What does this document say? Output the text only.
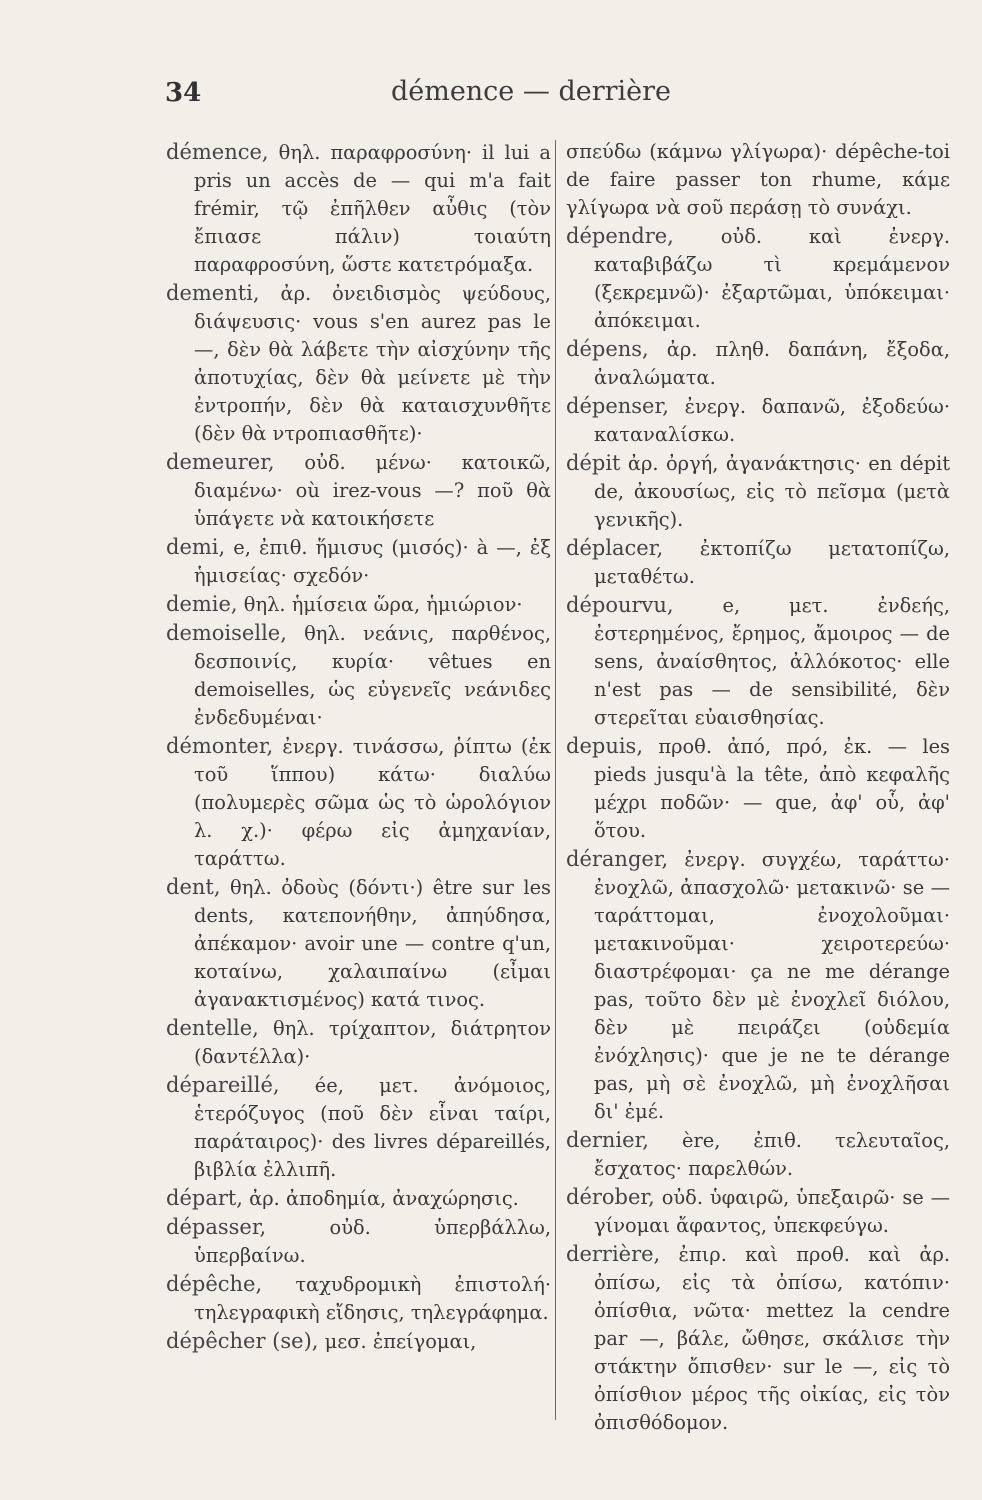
34	démence — derrière

démence, θηλ. παραφροσύνη· il lui a pris un accès de — qui m'a fait frémir, τῷ ἐπῆλθεν αὖθις (τὸν ἔπιασε πάλιν) τοιαύτη παραφροσύνη, ὥστε κατετρόμαξα.

dementi, ἀρ. ὀνειδισμὸς ψεύδους, διάψευσις· vous s'en aurez pas le —, δὲν θὰ λάβετε τὴν αἰσχύνην τῆς ἀποτυχίας, δὲν θὰ μείνετε μὲ τὴν ἐντροπήν, δὲν θὰ καταισχυνθῆτε (δὲν θὰ ντροπιασθῆτε)·

demeurer, οὐδ. μένω· κατοικῶ, διαμένω· où irez-vous —? ποῦ θὰ ὑπάγετε νὰ κατοικήσετε

demi, e, ἐπιθ. ἥμισυς (μισός)· à —, ἐξ ἡμισείας· σχεδόν·

demie, θηλ. ἡμίσεια ὥρα, ἡμιώριον·

demoiselle, θηλ. νεάνις, παρθένος, δεσποινίς, κυρία· vêtues en demoiselles, ὡς εὐγενεῖς νεάνιδες ἐνδεδυμέναι·

démonter, ἐνεργ. τινάσσω, ῥίπτω (ἐκ τοῦ ἵππου) κάτω· διαλύω (πολυμερὲς σῶμα ὡς τὸ ὡρολόγιον λ. χ.)· φέρω εἰς ἀμηχανίαν, ταράττω.

dent, θηλ. ὀδοὺς (δόντι·) être sur les dents, κατεπονήθην, ἀπηύδησα, ἀπέκαμον· avoir une — contre q'un, κοταίνω, χαλαιπαίνω (εἶμαι ἀγανακτισμένος) κατά τινος.

dentelle, θηλ. τρίχαπτον, διάτρητον (δαντέλλα)·

dépareillé, ée, μετ. ἀνόμοιος, ἑτερόζυγος (ποῦ δὲν εἶναι ταίρι, παράταιρος)· des livres dépareillés, βιβλία ἐλλιπῆ.

départ, ἀρ. ἀποδημία, ἀναχώρησις.

dépasser,	οὐδ. ὑπερβάλλω, ὑπερβαίνω.

dépêche, ταχυδρομικὴ ἐπιστολή· τηλεγραφικὴ εἴδησις, τηλεγράφημα.

dépêcher (se), μεσ. ἐπείγομαι,

σπεύδω (κάμνω γλίγωρα)· dépêche-toi de faire passer ton rhume, κάμε γλίγωρα νὰ σοῦ περάσῃ τὸ συνάχι.

dépendre, οὐδ. καὶ ἐνεργ. καταβιβάζω τὶ κρεμάμενον (ξεκρεμνῶ)· ἐξαρτῶμαι, ὑπόκειμαι· ἀπόκειμαι.

dépens, ἀρ. πληθ. δαπάνη, ἔξοδα, ἀναλώματα.

dépenser, ἐνεργ. δαπανῶ, ἐξοδεύω· καταναλίσκω.

dépit ἀρ. ὀργή, ἀγανάκτησις· en dépit de, ἀκουσίως, εἰς τὸ πεῖσμα (μετὰ γενικῆς).

déplacer, ἐκτοπίζω μετατοπίζω, μεταθέτω.

dépourvu,	e, μετ. ἐνδεής, ἐστερημένος, ἔρημος, ἄμοιρος — de sens, ἀναίσθητος, ἀλλόκοτος· elle n'est pas — de sensibilité, δὲν στερεῖται εὐαισθησίας.

depuis, προθ. ἀπό, πρό, ἐκ. — les pieds jusqu'à la tête, ἀπὸ κεφαλῆς μέχρι ποδῶν· — que, ἀφ' οὗ, ἀφ' ὅτου.

déranger, ἐνεργ. συγχέω, ταράττω· ἐνοχλῶ, ἀπασχολῶ· μετακινῶ· se — ταράττομαι, ἐνοχολοῦμαι· μετακινοῦμαι· χειροτερεύω· διαστρέφομαι· ça ne me dérange pas, τοῦτο δὲν μὲ ἐνοχλεῖ διόλου, δὲν μὲ πειράζει (οὐδεμία ἐνόχλησις)· que je ne te dérange pas, μὴ σὲ ἐνοχλῶ, μὴ ἐνοχλῆσαι δι' ἐμέ.

dernier, ère, ἐπιθ. τελευταῖος, ἔσχατος· παρελθών.

dérober, οὐδ. ὑφαιρῶ, ὑπεξαιρῶ· se — γίνομαι ἄφαντος, ὑπεκφεύγω.

derrière, ἐπιρ. καὶ προθ. καὶ ἀρ. ὀπίσω, εἰς τὰ ὀπίσω, κατόπιν· ὀπίσθια, νῶτα· mettez la cendre par —, βάλε, ὤθησε, σκάλισε τὴν στάκτην ὄπισθεν· sur le —, εἰς τὸ ὀπίσθιον μέρος τῆς οἰκίας, εἰς τὸν ὀπισθόδομον.
